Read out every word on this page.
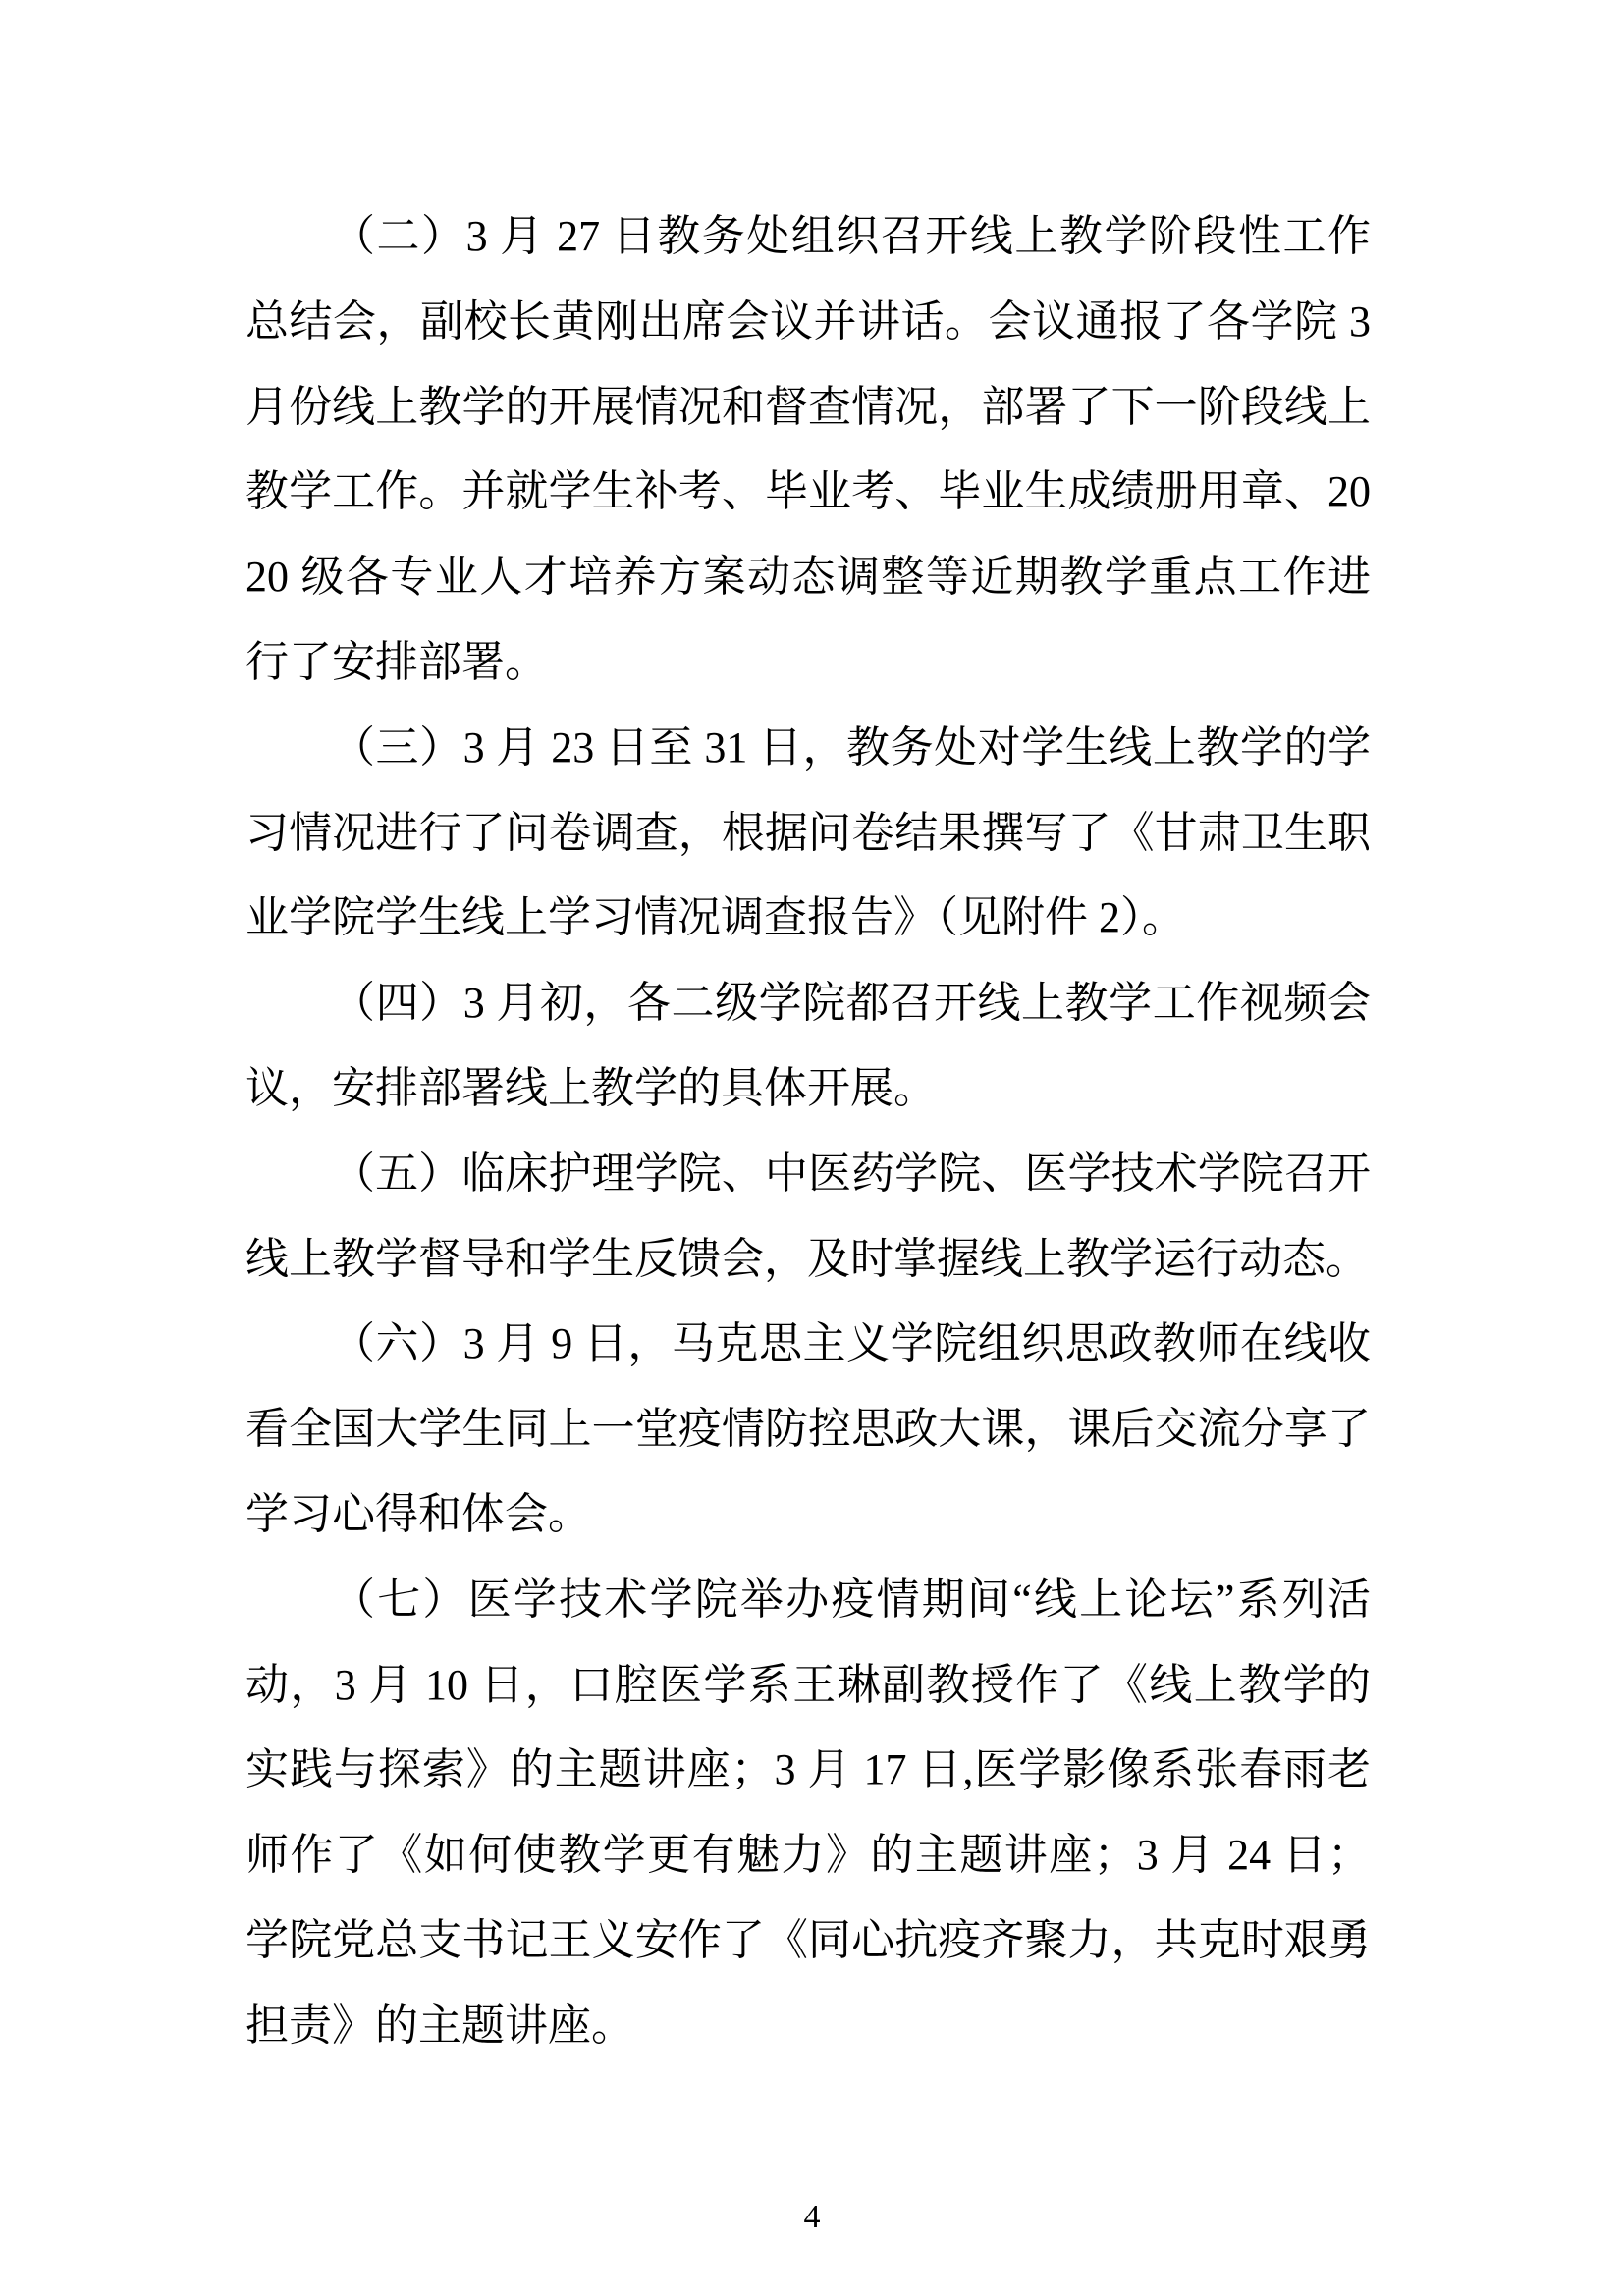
（二）3 月 27 日教务处组织召开线上教学阶段性工作总结会，副校长黄刚出席会议并讲话。会议通报了各学院 3 月份线上教学的开展情况和督查情况，部署了下一阶段线上教学工作。并就学生补考、毕业考、毕业生成绩册用章、2020 级各专业人才培养方案动态调整等近期教学重点工作进行了安排部署。

（三）3 月 23 日至 31 日，教务处对学生线上教学的学习情况进行了问卷调查，根据问卷结果撰写了《甘肃卫生职业学院学生线上学习情况调查报告》（见附件 2）。

（四）3 月初，各二级学院都召开线上教学工作视频会议，安排部署线上教学的具体开展。

（五）临床护理学院、中医药学院、医学技术学院召开线上教学督导和学生反馈会，及时掌握线上教学运行动态。

（六）3 月 9 日，马克思主义学院组织思政教师在线收看全国大学生同上一堂疫情防控思政大课，课后交流分享了学习心得和体会。

（七）医学技术学院举办疫情期间“线上论坛”系列活动，3 月 10 日，口腔医学系王琳副教授作了《线上教学的实践与探索》的主题讲座；3 月 17 日,医学影像系张春雨老师作了《如何使教学更有魅力》的主题讲座；3 月 24 日；学院党总支书记王义安作了《同心抗疫齐聚力，共克时艰勇担责》的主题讲座。

4
